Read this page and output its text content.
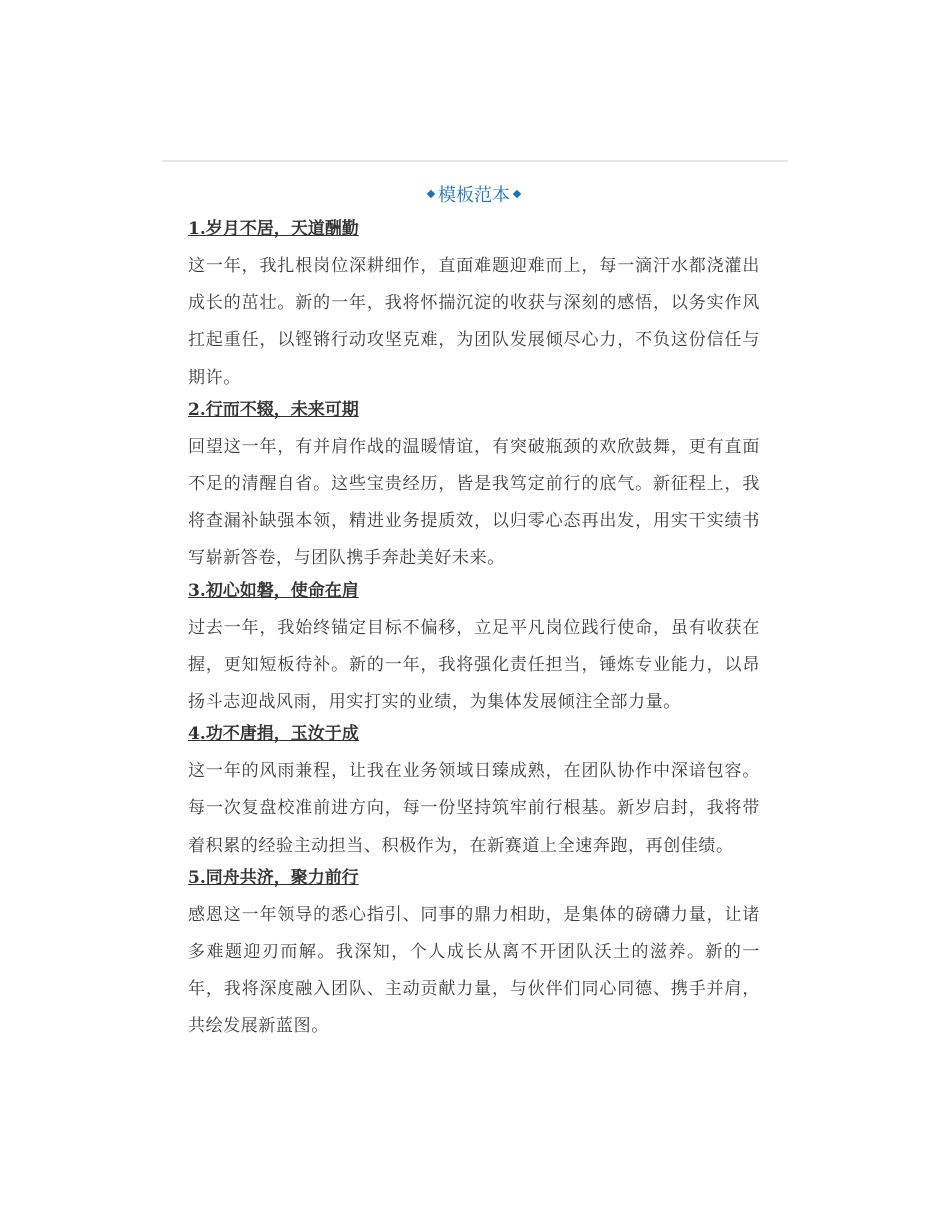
模板范本
1.岁月不居，天道酬勤

这一年，我扎根岗位深耕细作，直面难题迎难而上，每一滴汗水都浇灌出成长的茁壮。新的一年，我将怀揣沉淀的收获与深刻的感悟，以务实作风扛起重任，以铿锵行动攻坚克难，为团队发展倾尽心力，不负这份信任与期许。

2.行而不辍，未来可期

回望这一年，有并肩作战的温暖情谊，有突破瓶颈的欢欣鼓舞，更有直面不足的清醒自省。这些宝贵经历，皆是我笃定前行的底气。新征程上，我将查漏补缺强本领，精进业务提质效，以归零心态再出发，用实干实绩书写崭新答卷，与团队携手奔赴美好未来。

3.初心如磐，使命在肩

过去一年，我始终锚定目标不偏移，立足平凡岗位践行使命，虽有收获在握，更知短板待补。新的一年，我将强化责任担当，锤炼专业能力，以昂扬斗志迎战风雨，用实打实的业绩，为集体发展倾注全部力量。

4.功不唐捐，玉汝于成

这一年的风雨兼程，让我在业务领域日臻成熟，在团队协作中深谙包容。每一次复盘校准前进方向，每一份坚持筑牢前行根基。新岁启封，我将带着积累的经验主动担当、积极作为，在新赛道上全速奔跑，再创佳绩。

5.同舟共济，聚力前行

感恩这一年领导的悉心指引、同事的鼎力相助，是集体的磅礴力量，让诸多难题迎刃而解。我深知，个人成长从离不开团队沃土的滋养。新的一年，我将深度融入团队、主动贡献力量，与伙伴们同心同德、携手并肩，共绘发展新蓝图。
